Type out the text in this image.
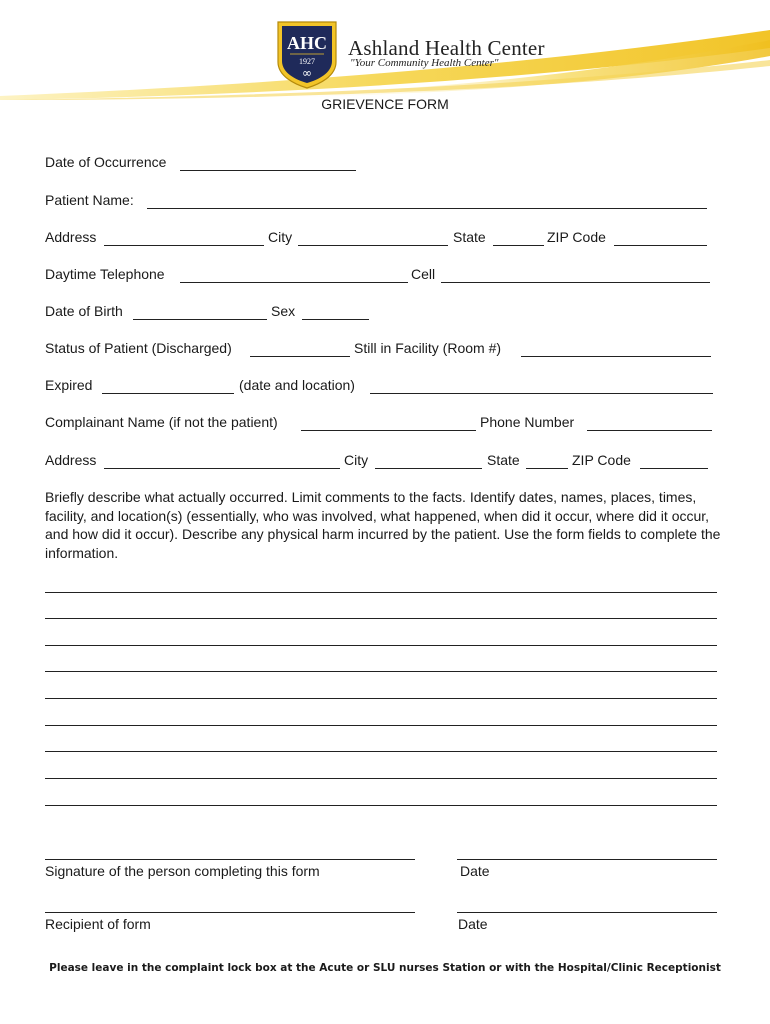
AHC
1927
∞
Ashland Health Center
"Your Community Health Center"
GRIEVENCE FORM
Date of Occurrence
Patient Name:
Address	City	State	ZIP Code
Daytime Telephone	Cell
Date of Birth	Sex
Status of Patient (Discharged)	Still in Facility (Room #)
Expired	(date and location)
Complainant Name (if not the patient)	Phone Number
Address	City	State	ZIP Code
Briefly describe what actually occurred. Limit comments to the facts. Identify dates, names, places, times, facility, and location(s) (essentially, who was involved, what happened, when did it occur, where did it occur, and how did it occur). Describe any physical harm incurred by the patient. Use the form fields to complete the information.
Signature of the person completing this form	Date
Recipient of form	Date
Please leave in the complaint lock box at the Acute or SLU nurses Station or with the Hospital/Clinic Receptionist
